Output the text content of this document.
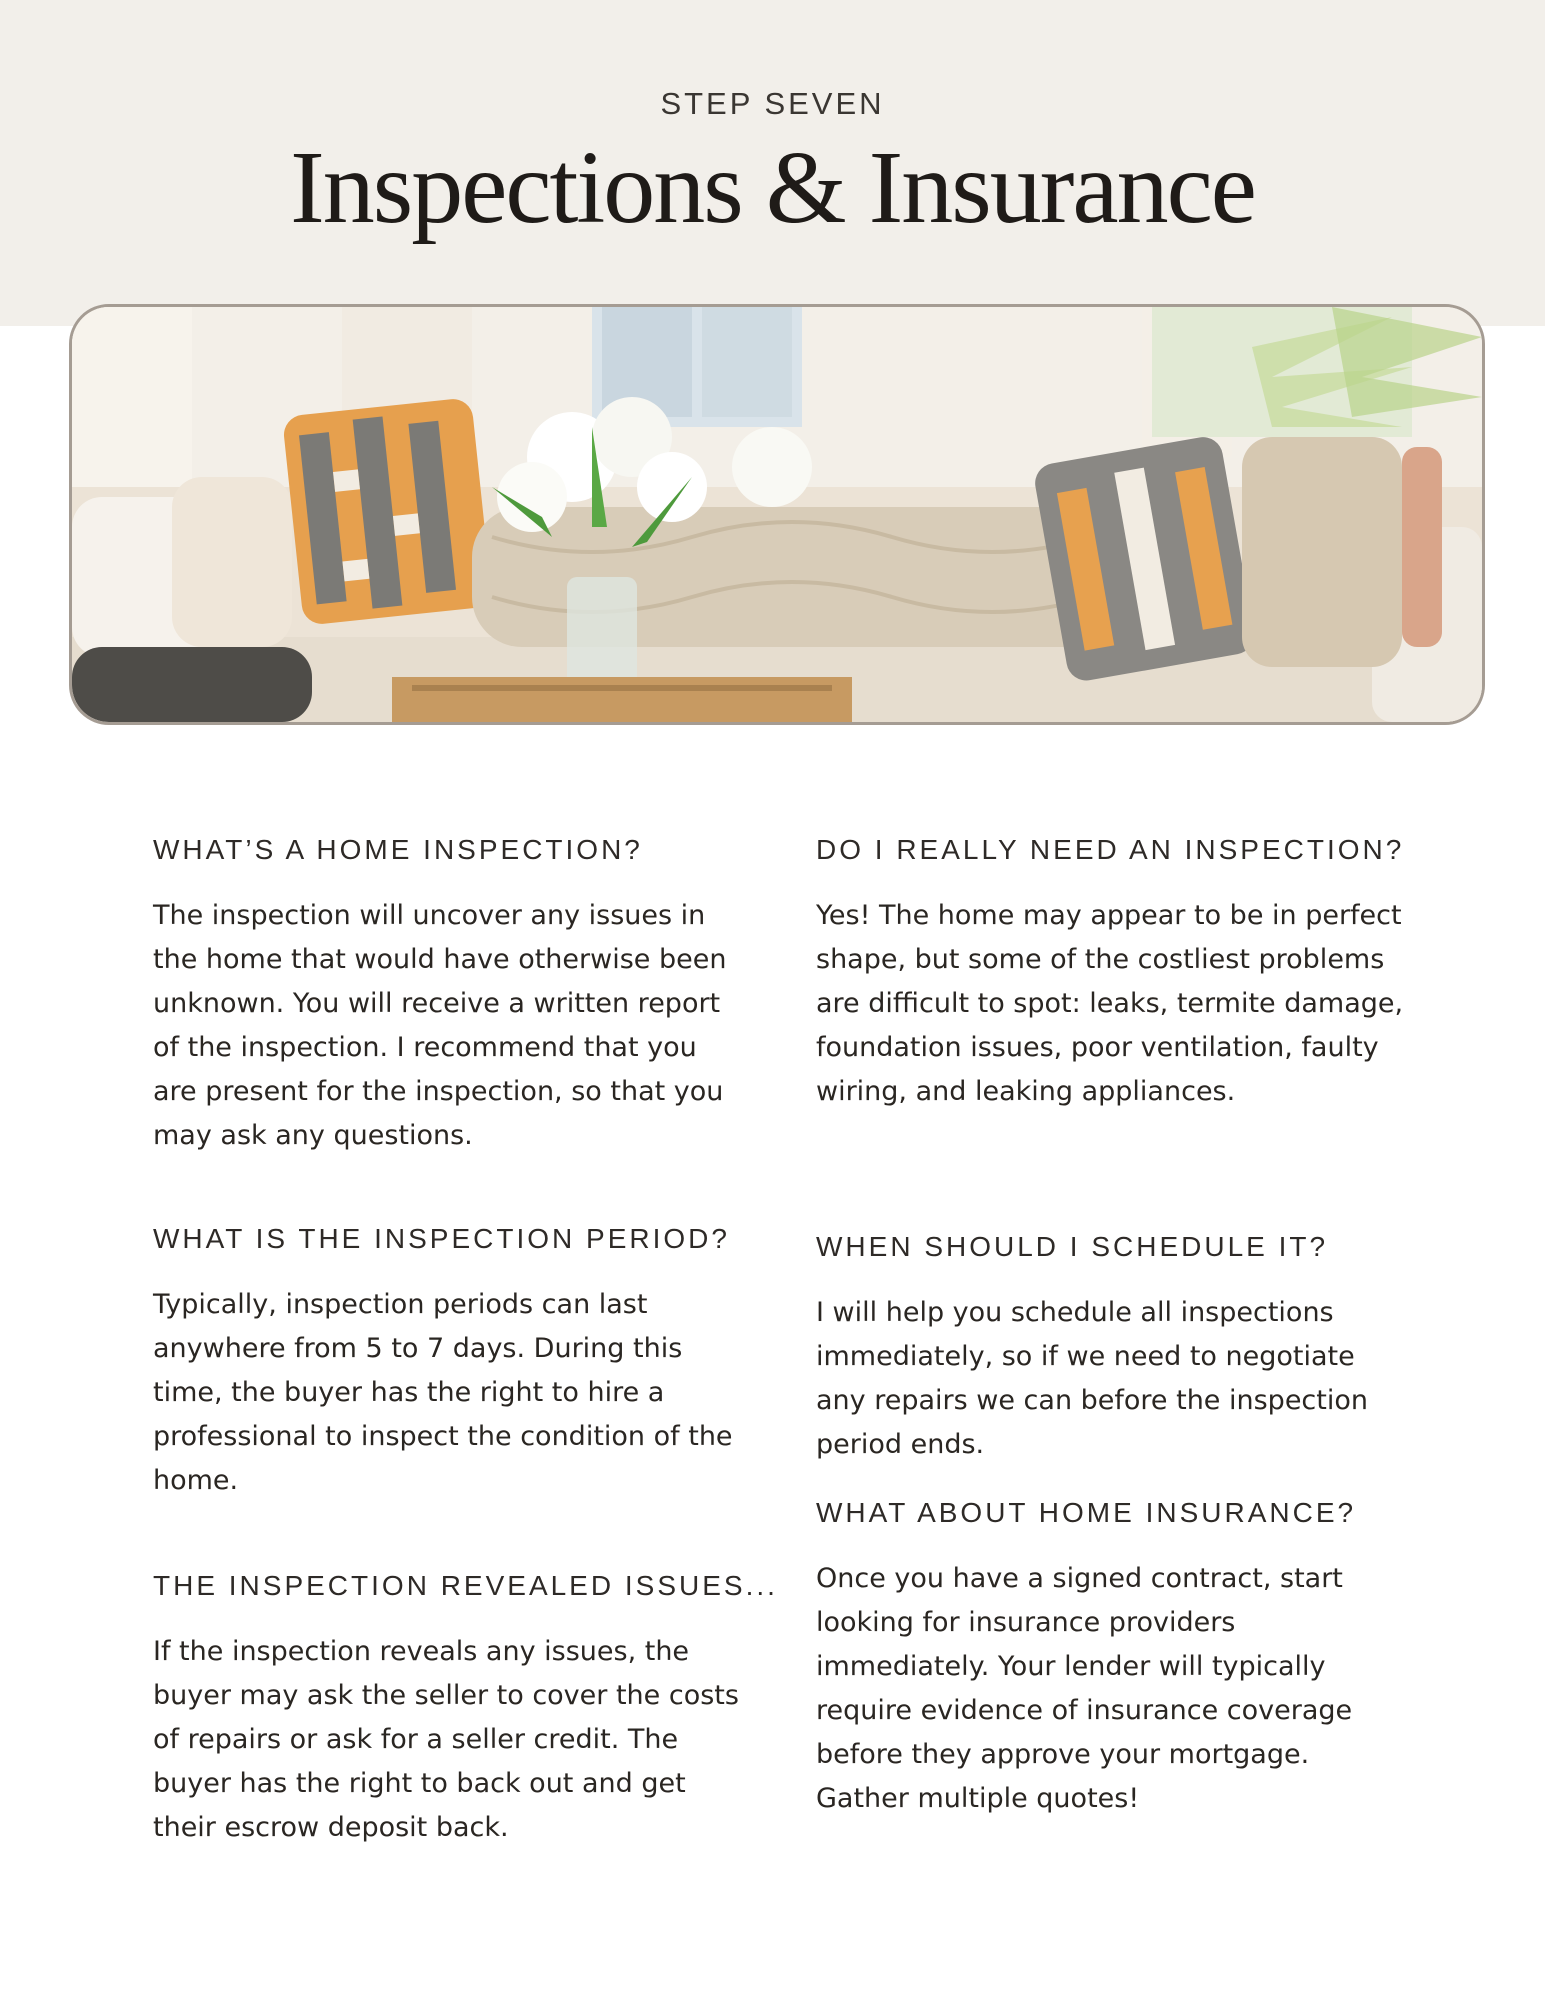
STEP SEVEN
Inspections & Insurance

WHAT’S A HOME INSPECTION?

The inspection will uncover any issues in the home that would have otherwise been unknown. You will receive a written report of the inspection. I recommend that you are present for the inspection, so that you may ask any questions.

DO I REALLY NEED AN INSPECTION?

Yes! The home may appear to be in perfect shape, but some of the costliest problems are difficult to spot: leaks, termite damage, foundation issues, poor ventilation, faulty wiring, and leaking appliances.

WHAT IS THE INSPECTION PERIOD?

Typically, inspection periods can last anywhere from 5 to 7 days. During this time, the buyer has the right to hire a professional to inspect the condition of the home.

WHEN SHOULD I SCHEDULE IT?

I will help you schedule all inspections immediately, so if we need to negotiate any repairs we can before the inspection period ends.

THE INSPECTION REVEALED ISSUES...

If the inspection reveals any issues, the buyer may ask the seller to cover the costs of repairs or ask for a seller credit. The buyer has the right to back out and get their escrow deposit back.

WHAT ABOUT HOME INSURANCE?

Once you have a signed contract, start looking for insurance providers immediately. Your lender will typically require evidence of insurance coverage before they approve your mortgage. Gather multiple quotes!
